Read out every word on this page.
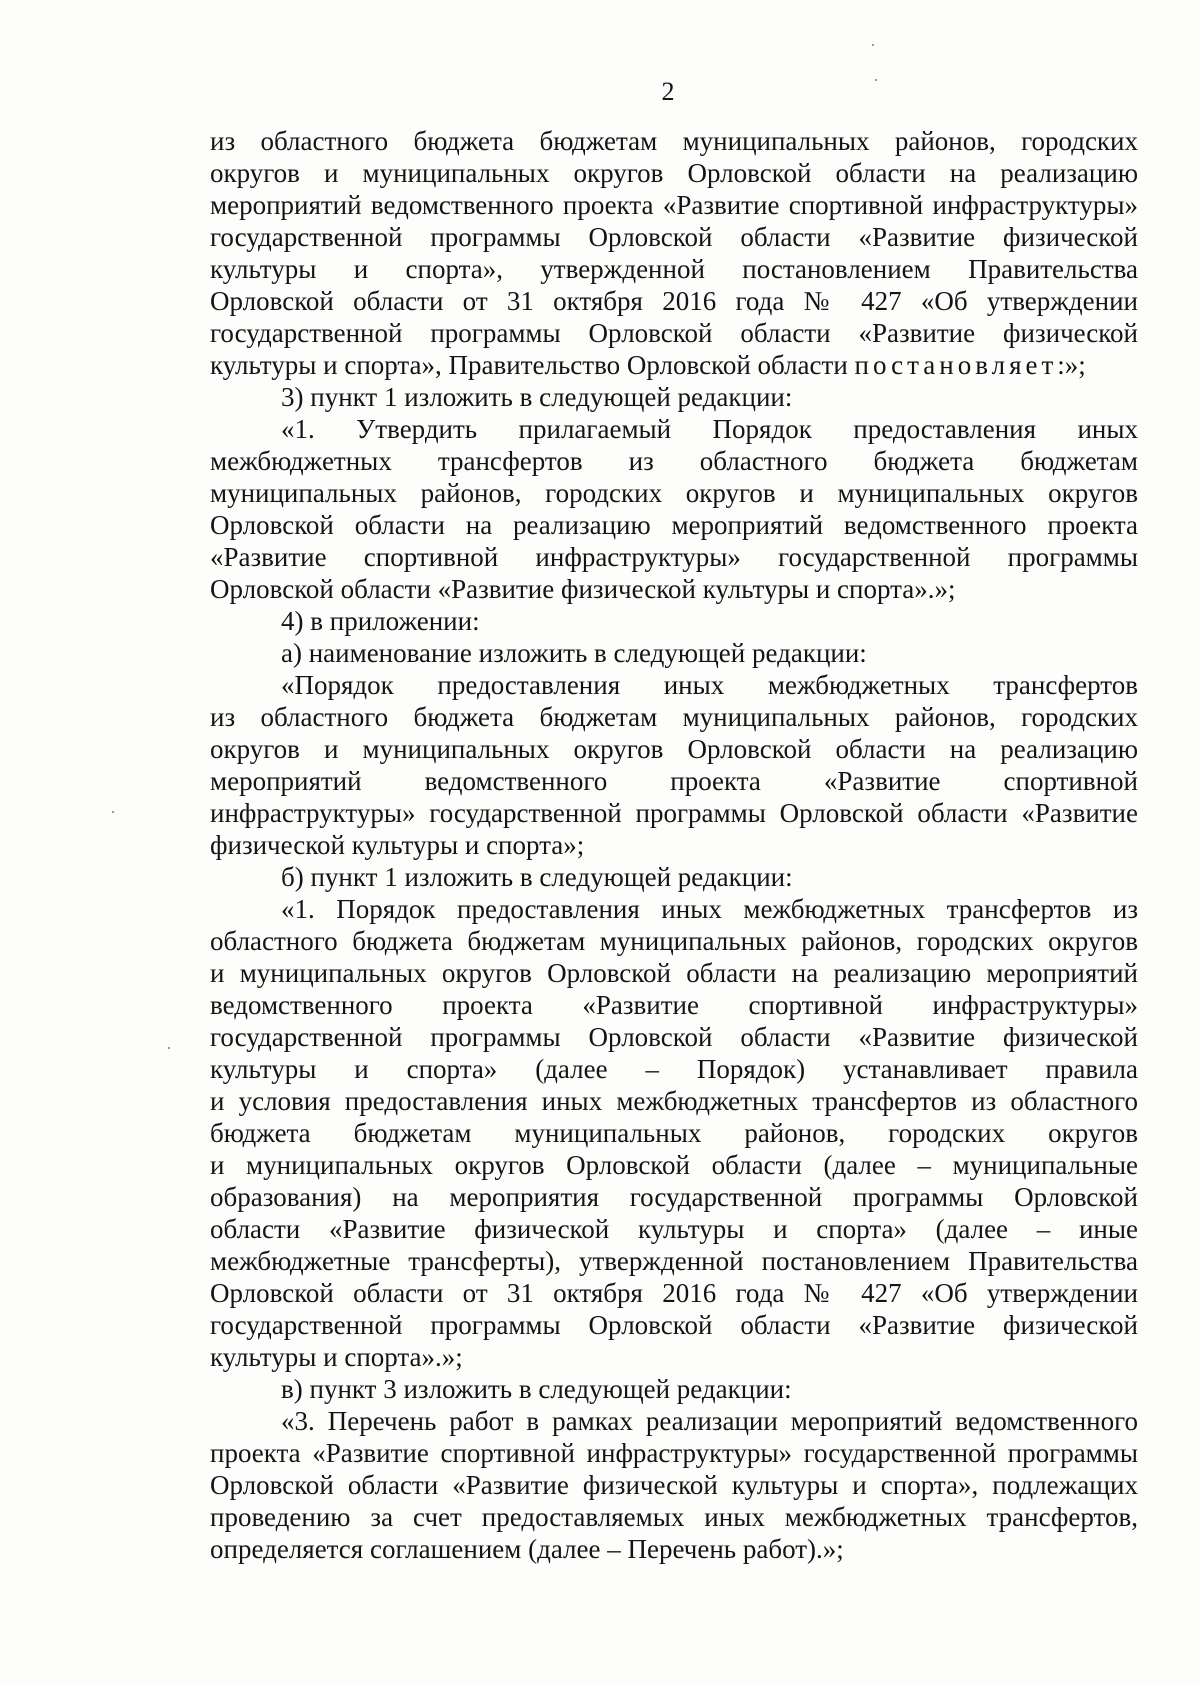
2
из областного бюджета бюджетам муниципальных районов, городских
округов и муниципальных округов Орловской области на реализацию
мероприятий ведомственного проекта «Развитие спортивной инфраструктуры»
государственной программы Орловской области «Развитие физической
культуры и спорта», утвержденной постановлением Правительства
Орловской области от 31 октября 2016 года № 427 «Об утверждении
государственной программы Орловской области «Развитие физической
культуры и спорта», Правительство Орловской области постановляет:»;
3) пункт 1 изложить в следующей редакции:
«1. Утвердить прилагаемый Порядок предоставления иных
межбюджетных трансфертов из областного бюджета бюджетам
муниципальных районов, городских округов и муниципальных округов
Орловской области на реализацию мероприятий ведомственного проекта
«Развитие спортивной инфраструктуры» государственной программы
Орловской области «Развитие физической культуры и спорта».»;
4) в приложении:
а) наименование изложить в следующей редакции:
«Порядок предоставления иных межбюджетных трансфертов
из областного бюджета бюджетам муниципальных районов, городских
округов и муниципальных округов Орловской области на реализацию
мероприятий ведомственного проекта «Развитие спортивной
инфраструктуры» государственной программы Орловской области «Развитие
физической культуры и спорта»;
б) пункт 1 изложить в следующей редакции:
«1. Порядок предоставления иных межбюджетных трансфертов из
областного бюджета бюджетам муниципальных районов, городских округов
и муниципальных округов Орловской области на реализацию мероприятий
ведомственного проекта «Развитие спортивной инфраструктуры»
государственной программы Орловской области «Развитие физической
культуры и спорта» (далее – Порядок) устанавливает правила
и условия предоставления иных межбюджетных трансфертов из областного
бюджета бюджетам муниципальных районов, городских округов
и муниципальных округов Орловской области (далее – муниципальные
образования) на мероприятия государственной программы Орловской
области «Развитие физической культуры и спорта» (далее – иные
межбюджетные трансферты), утвержденной постановлением Правительства
Орловской области от 31 октября 2016 года № 427 «Об утверждении
государственной программы Орловской области «Развитие физической
культуры и спорта».»;
в) пункт 3 изложить в следующей редакции:
«3. Перечень работ в рамках реализации мероприятий ведомственного
проекта «Развитие спортивной инфраструктуры» государственной программы
Орловской области «Развитие физической культуры и спорта», подлежащих
проведению за счет предоставляемых иных межбюджетных трансфертов,
определяется соглашением (далее – Перечень работ).»;
